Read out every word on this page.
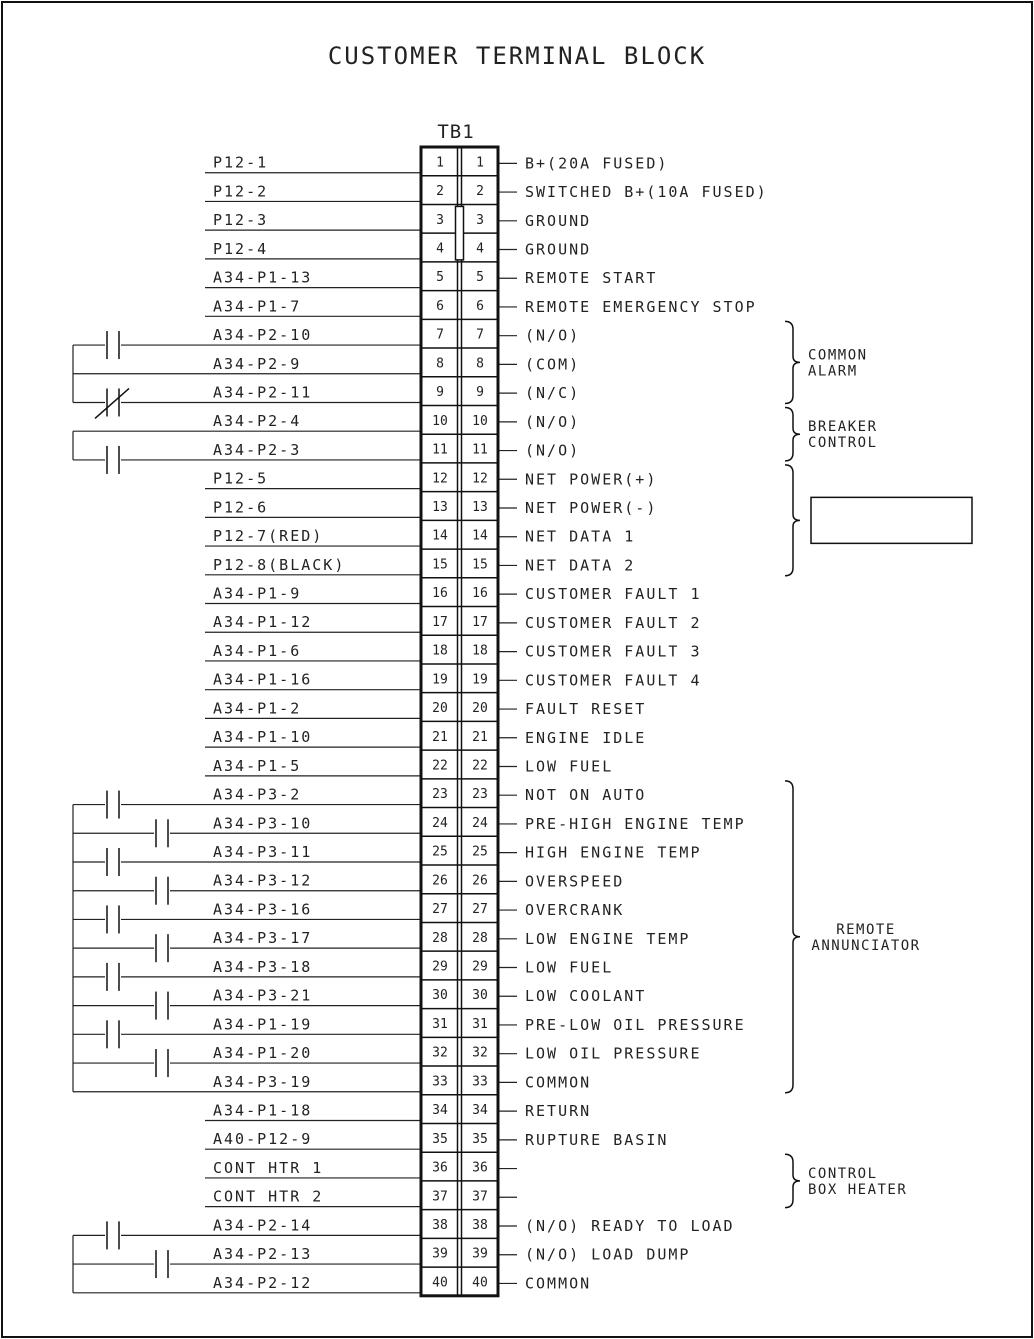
CUSTOMER TERMINAL BLOCK
TB1
P12-1	1 1	B+(20A FUSED)
P12-2	2 2	SWITCHED B+(10A FUSED)
P12-3	3 3	GROUND
P12-4	4 4	GROUND
A34-P1-13	5 5	REMOTE START
A34-P1-7	6 6	REMOTE EMERGENCY STOP
A34-P2-10	7 7	(N/O)
A34-P2-9	8 8	(COM)
A34-P2-11	9 9	(N/C)
A34-P2-4	10 10 (N/O)
A34-P2-3	11 11 (N/O)
P12-5	12 12 NET POWER(+)
P12-6	13 13 NET POWER(-)
P12-7(RED)	14 14 NET DATA 1
P12-8(BLACK)	15 15 NET DATA 2
A34-P1-9	16 16 CUSTOMER FAULT 1
A34-P1-12	17 17 CUSTOMER FAULT 2
A34-P1-6	18 18 CUSTOMER FAULT 3
A34-P1-16	19 19 CUSTOMER FAULT 4
A34-P1-2	20 20 FAULT RESET
A34-P1-10	21 21 ENGINE IDLE
A34-P1-5	22 22 LOW FUEL
A34-P3-2	23 23 NOT ON AUTO
A34-P3-10	24 24 PRE-HIGH ENGINE TEMP
A34-P3-11	25 25 HIGH ENGINE TEMP
A34-P3-12	26 26 OVERSPEED
A34-P3-16	27 27 OVERCRANK
A34-P3-17	28 28 LOW ENGINE TEMP
A34-P3-18	29 29 LOW FUEL
A34-P3-21	30 30 LOW COOLANT
A34-P1-19	31 31 PRE-LOW OIL PRESSURE
A34-P1-20	32 32 LOW OIL PRESSURE
A34-P3-19	33 33 COMMON
A34-P1-18	34 34 RETURN
A40-P12-9	35 35 RUPTURE BASIN
CONT HTR 1	36 36
CONT HTR 2	37 37
A34-P2-14	38 38 (N/O) READY TO LOAD
A34-P2-13	39 39 (N/O) LOAD DUMP
A34-P2-12	40 40 COMMON
COMMON
ALARM
BREAKER
CONTROL
REMOTE
ANNUNCIATOR
CONTROL
BOX HEATER
